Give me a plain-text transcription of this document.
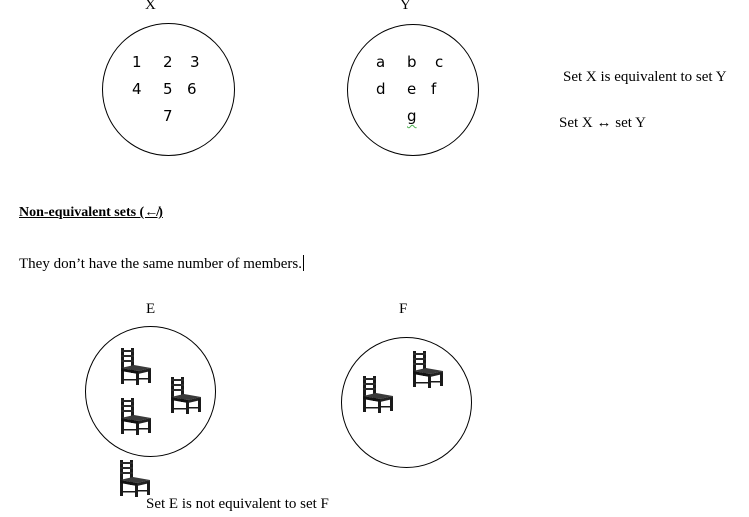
X
1 2 3
4 5 6
7
Y
a b c
d e f
g
Set X is equivalent to set Y
Set X ↔ set Y
Non-equivalent sets (↚)
They don’t have the same number of members.
E	F
Set E is not equivalent to set F
